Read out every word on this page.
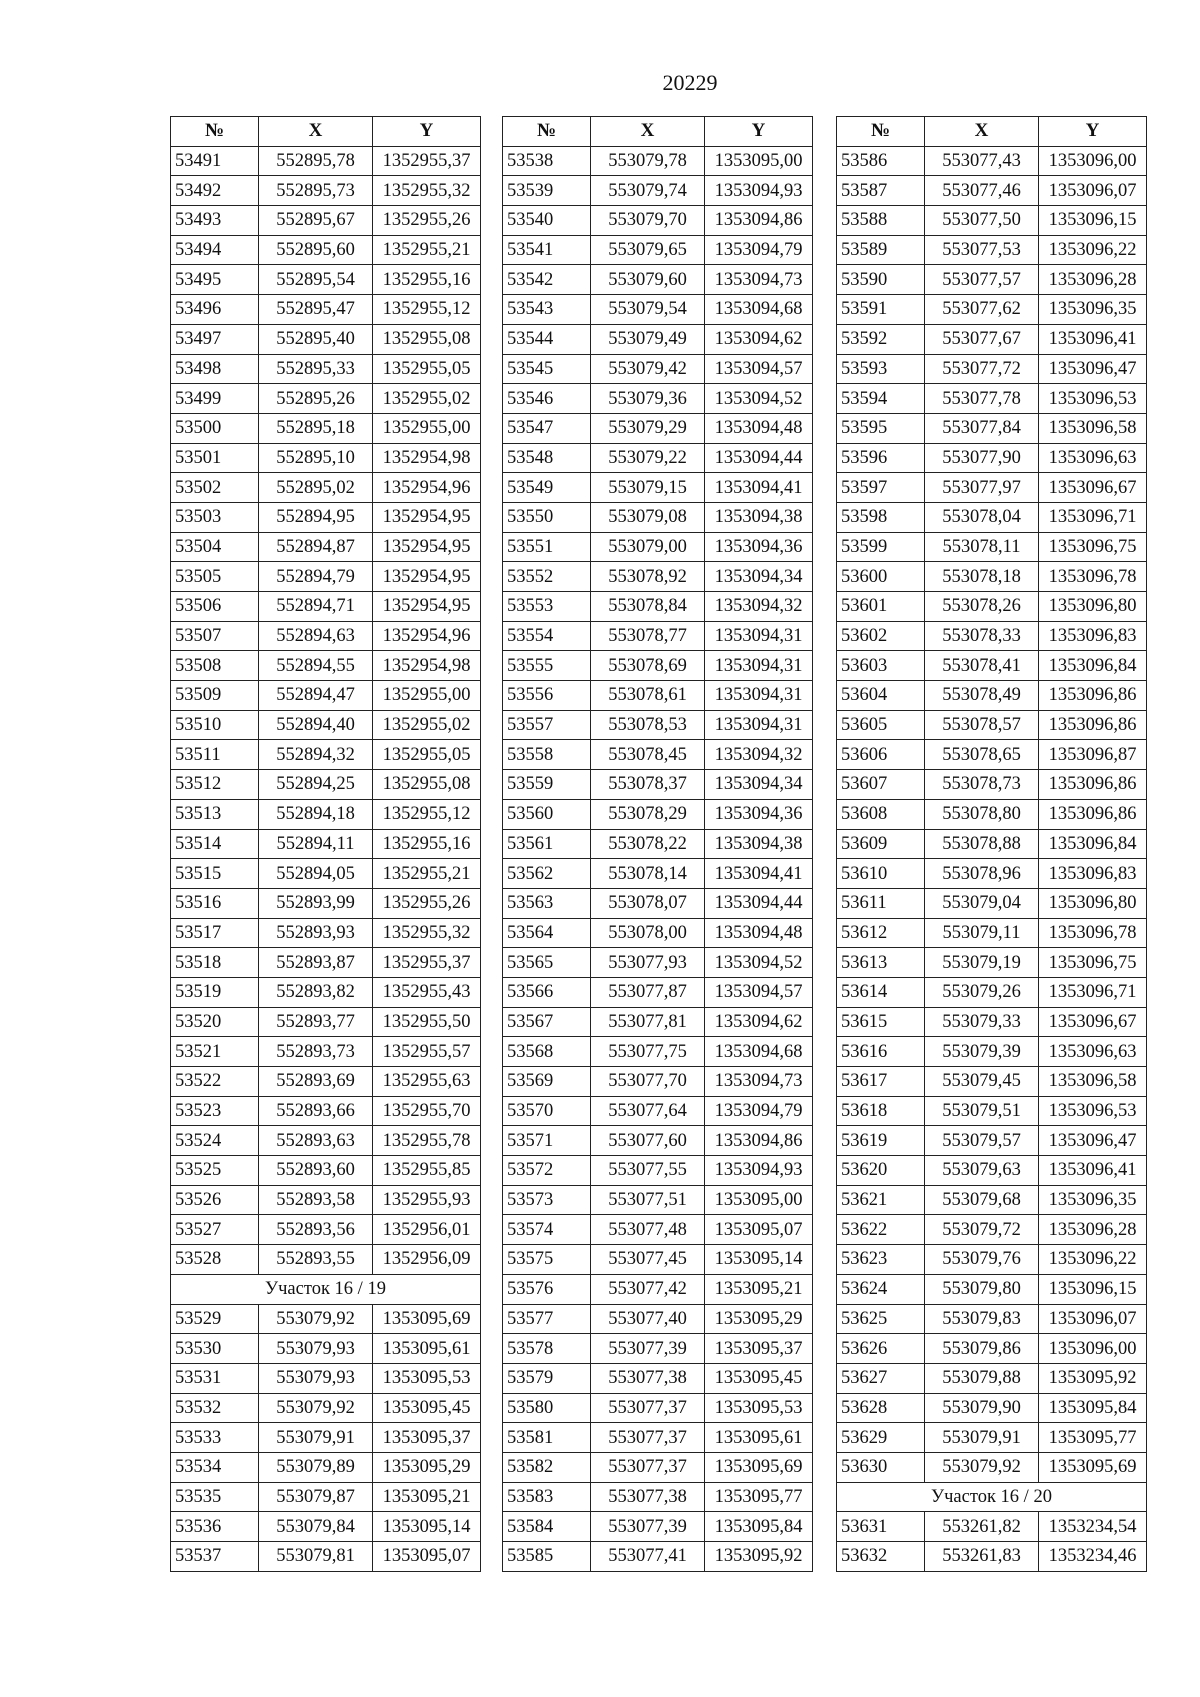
20229
№	X	Y
53491	552895,78	1352955,37
53492	552895,73	1352955,32
53493	552895,67	1352955,26
53494	552895,60	1352955,21
53495	552895,54	1352955,16
53496	552895,47	1352955,12
53497	552895,40	1352955,08
53498	552895,33	1352955,05
53499	552895,26	1352955,02
53500	552895,18	1352955,00
53501	552895,10	1352954,98
53502	552895,02	1352954,96
53503	552894,95	1352954,95
53504	552894,87	1352954,95
53505	552894,79	1352954,95
53506	552894,71	1352954,95
53507	552894,63	1352954,96
53508	552894,55	1352954,98
53509	552894,47	1352955,00
53510	552894,40	1352955,02
53511	552894,32	1352955,05
53512	552894,25	1352955,08
53513	552894,18	1352955,12
53514	552894,11	1352955,16
53515	552894,05	1352955,21
53516	552893,99	1352955,26
53517	552893,93	1352955,32
53518	552893,87	1352955,37
53519	552893,82	1352955,43
53520	552893,77	1352955,50
53521	552893,73	1352955,57
53522	552893,69	1352955,63
53523	552893,66	1352955,70
53524	552893,63	1352955,78
53525	552893,60	1352955,85
53526	552893,58	1352955,93
53527	552893,56	1352956,01
53528	552893,55	1352956,09
Участок 16 / 19		
53529	553079,92	1353095,69
53530	553079,93	1353095,61
53531	553079,93	1353095,53
53532	553079,92	1353095,45
53533	553079,91	1353095,37
53534	553079,89	1353095,29
53535	553079,87	1353095,21
53536	553079,84	1353095,14
53537	553079,81	1353095,07
№	X	Y
53538	553079,78	1353095,00
53539	553079,74	1353094,93
53540	553079,70	1353094,86
53541	553079,65	1353094,79
53542	553079,60	1353094,73
53543	553079,54	1353094,68
53544	553079,49	1353094,62
53545	553079,42	1353094,57
53546	553079,36	1353094,52
53547	553079,29	1353094,48
53548	553079,22	1353094,44
53549	553079,15	1353094,41
53550	553079,08	1353094,38
53551	553079,00	1353094,36
53552	553078,92	1353094,34
53553	553078,84	1353094,32
53554	553078,77	1353094,31
53555	553078,69	1353094,31
53556	553078,61	1353094,31
53557	553078,53	1353094,31
53558	553078,45	1353094,32
53559	553078,37	1353094,34
53560	553078,29	1353094,36
53561	553078,22	1353094,38
53562	553078,14	1353094,41
53563	553078,07	1353094,44
53564	553078,00	1353094,48
53565	553077,93	1353094,52
53566	553077,87	1353094,57
53567	553077,81	1353094,62
53568	553077,75	1353094,68
53569	553077,70	1353094,73
53570	553077,64	1353094,79
53571	553077,60	1353094,86
53572	553077,55	1353094,93
53573	553077,51	1353095,00
53574	553077,48	1353095,07
53575	553077,45	1353095,14
53576	553077,42	1353095,21
53577	553077,40	1353095,29
53578	553077,39	1353095,37
53579	553077,38	1353095,45
53580	553077,37	1353095,53
53581	553077,37	1353095,61
53582	553077,37	1353095,69
53583	553077,38	1353095,77
53584	553077,39	1353095,84
53585	553077,41	1353095,92
№	X	Y
53586	553077,43	1353096,00
53587	553077,46	1353096,07
53588	553077,50	1353096,15
53589	553077,53	1353096,22
53590	553077,57	1353096,28
53591	553077,62	1353096,35
53592	553077,67	1353096,41
53593	553077,72	1353096,47
53594	553077,78	1353096,53
53595	553077,84	1353096,58
53596	553077,90	1353096,63
53597	553077,97	1353096,67
53598	553078,04	1353096,71
53599	553078,11	1353096,75
53600	553078,18	1353096,78
53601	553078,26	1353096,80
53602	553078,33	1353096,83
53603	553078,41	1353096,84
53604	553078,49	1353096,86
53605	553078,57	1353096,86
53606	553078,65	1353096,87
53607	553078,73	1353096,86
53608	553078,80	1353096,86
53609	553078,88	1353096,84
53610	553078,96	1353096,83
53611	553079,04	1353096,80
53612	553079,11	1353096,78
53613	553079,19	1353096,75
53614	553079,26	1353096,71
53615	553079,33	1353096,67
53616	553079,39	1353096,63
53617	553079,45	1353096,58
53618	553079,51	1353096,53
53619	553079,57	1353096,47
53620	553079,63	1353096,41
53621	553079,68	1353096,35
53622	553079,72	1353096,28
53623	553079,76	1353096,22
53624	553079,80	1353096,15
53625	553079,83	1353096,07
53626	553079,86	1353096,00
53627	553079,88	1353095,92
53628	553079,90	1353095,84
53629	553079,91	1353095,77
53630	553079,92	1353095,69
Участок 16 / 20		
53631	553261,82	1353234,54
53632	553261,83	1353234,46
